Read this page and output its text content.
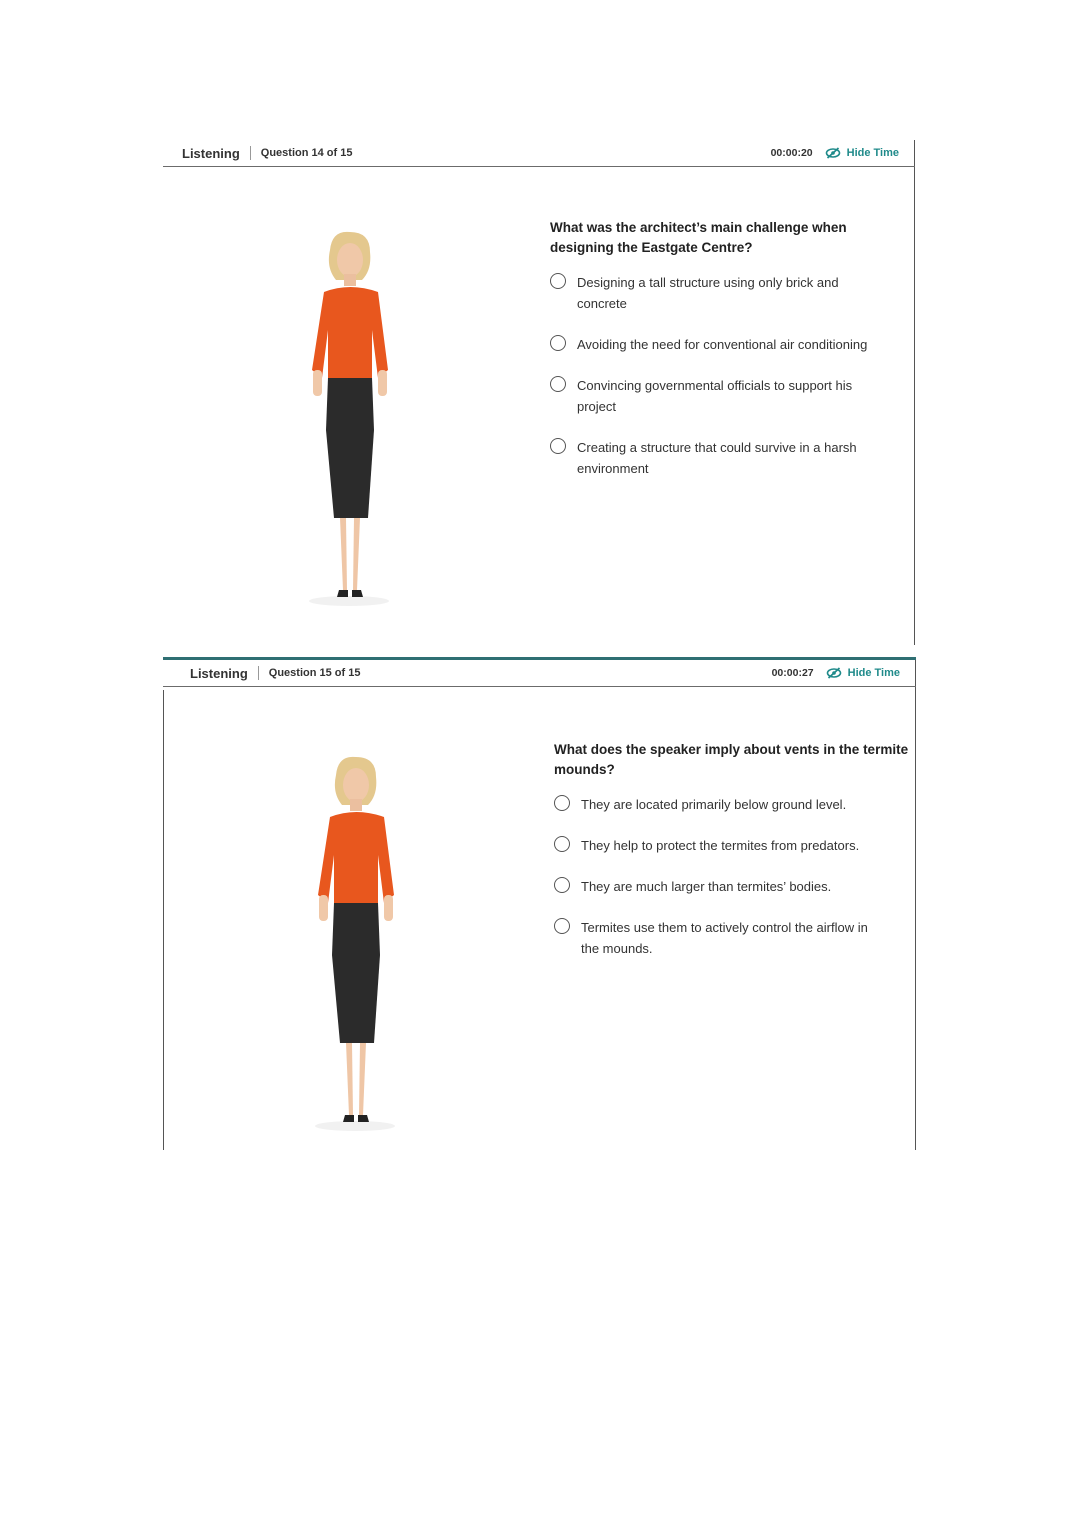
Listening Question 14 of 15	00:00:20	Hide Time

What was the architect’s main challenge when designing the Eastgate Centre?

Designing a tall structure using only brick and concrete
Avoiding the need for conventional air conditioning
Convincing governmental officials to support his project
Creating a structure that could survive in a harsh environment
Listening Question 15 of 15	00:00:27	Hide Time

What does the speaker imply about vents in the termite mounds?

They are located primarily below ground level.
They help to protect the termites from predators.
They are much larger than termites’ bodies.
Termites use them to actively control the airflow in the mounds.
